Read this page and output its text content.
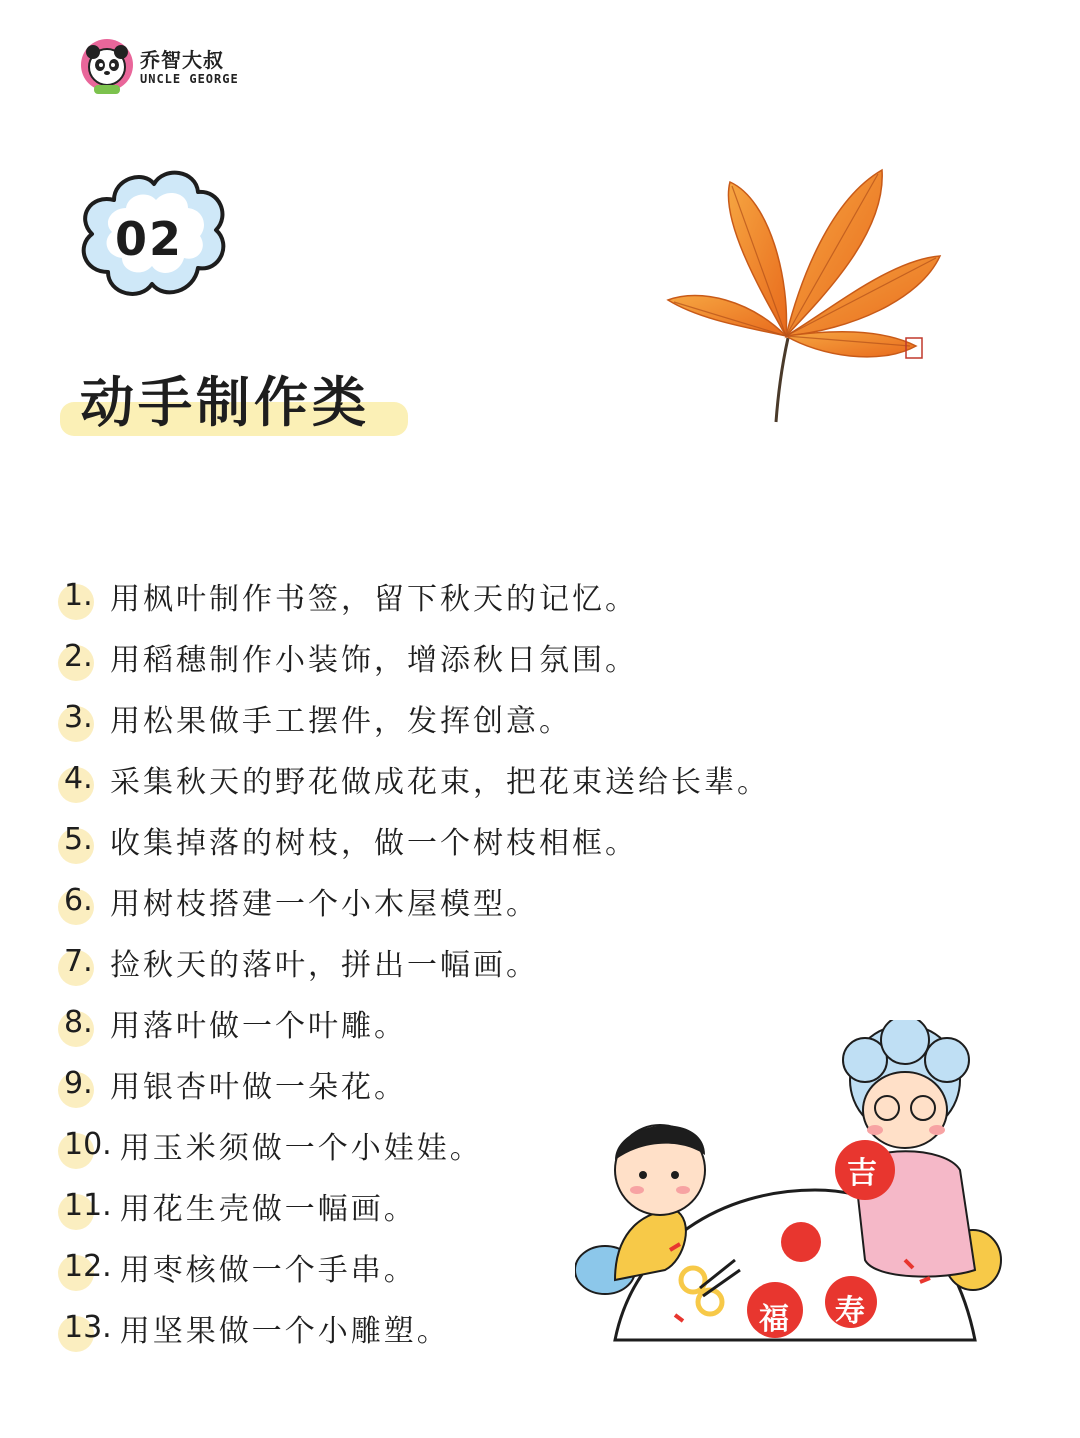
乔智大叔
UNCLE GEORGE
02
动手制作类
1. 用枫叶制作书签，留下秋天的记忆。
2. 用稻穗制作小装饰，增添秋日氛围。
3. 用松果做手工摆件，发挥创意。
4. 采集秋天的野花做成花束，把花束送给长辈。
5. 收集掉落的树枝，做一个树枝相框。
6. 用树枝搭建一个小木屋模型。
7. 捡秋天的落叶，拼出一幅画。
8. 用落叶做一个叶雕。
9. 用银杏叶做一朵花。
10. 用玉米须做一个小娃娃。
11. 用花生壳做一幅画。
12. 用枣核做一个手串。
13. 用坚果做一个小雕塑。
吉
福 寿
